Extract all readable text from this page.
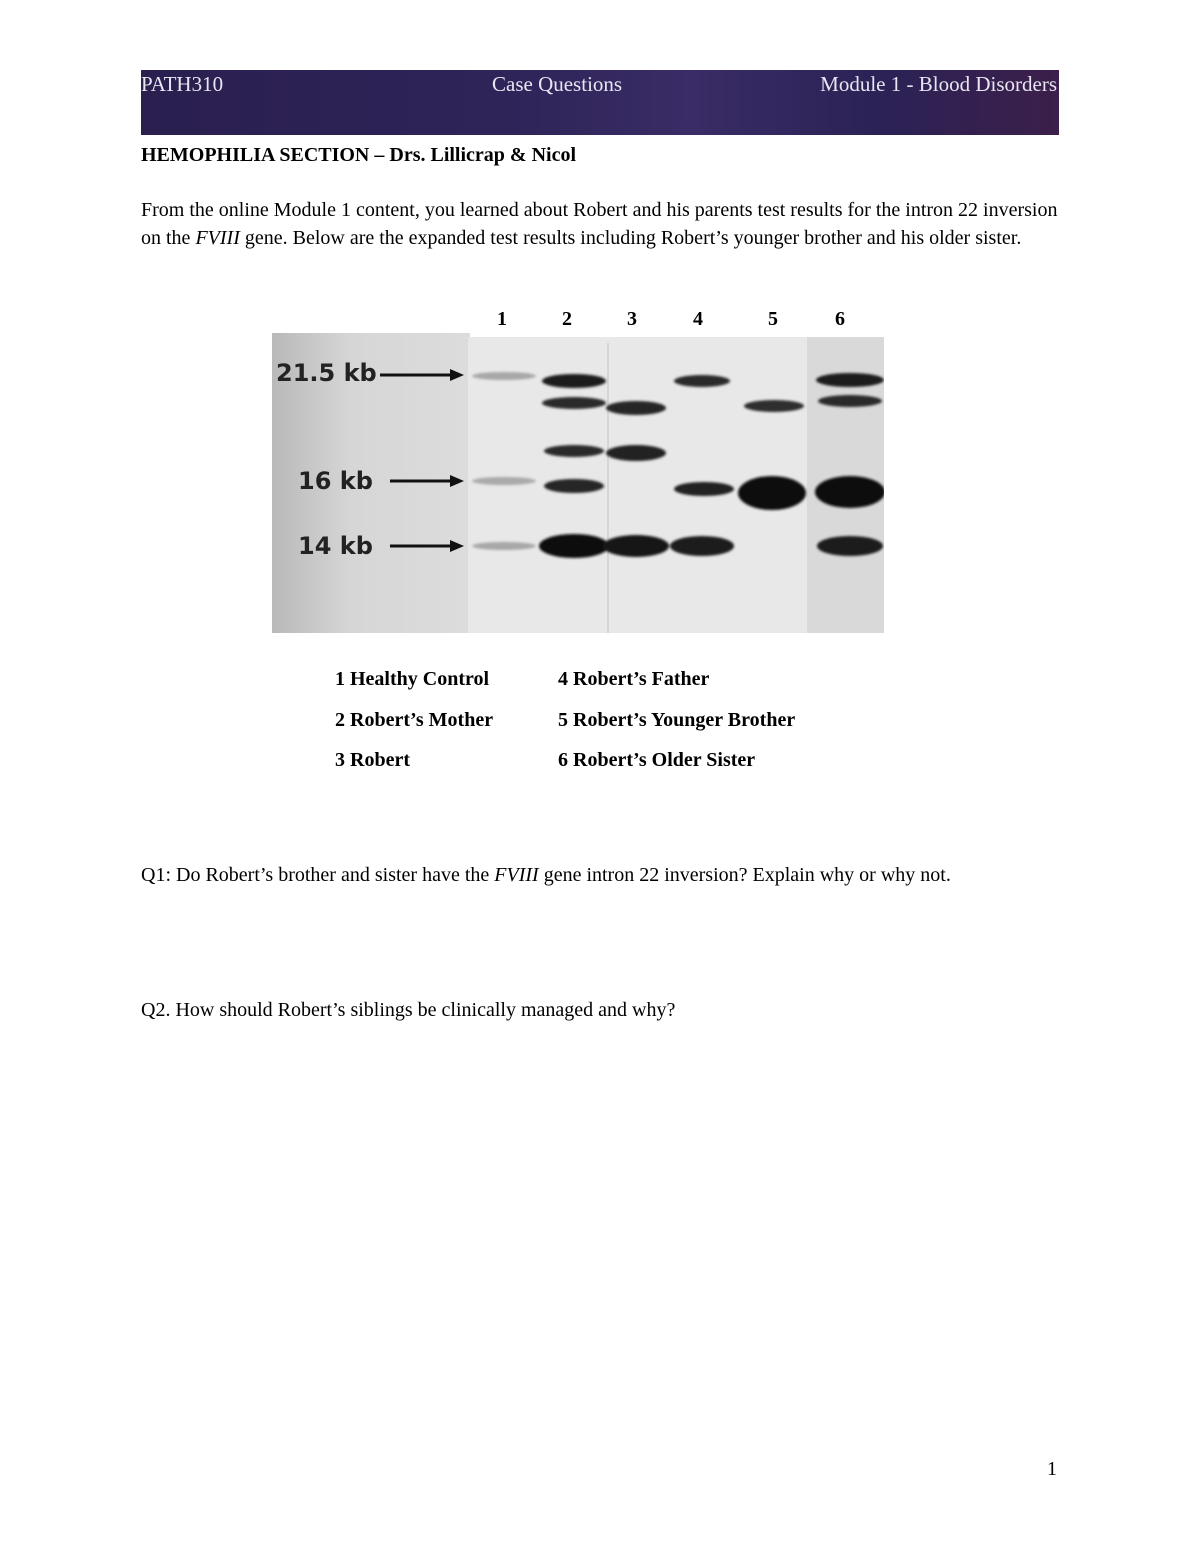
PATH310	Case Questions	Module 1 - Blood Disorders
HEMOPHILIA SECTION – Drs. Lillicrap & Nicol
From the online Module 1 content, you learned about Robert and his parents test results for the intron 22 inversion on the FVIII gene. Below are the expanded test results including Robert’s younger brother and his older sister.
1	2	3	4	5	6
21.5 kb
16 kb
14 kb
1 Healthy Control
2 Robert’s Mother
3 Robert
4 Robert’s Father
5 Robert’s Younger Brother
6 Robert’s Older Sister
Q1: Do Robert’s brother and sister have the FVIII gene intron 22 inversion? Explain why or why not.
Q2. How should Robert’s siblings be clinically managed and why?
1
